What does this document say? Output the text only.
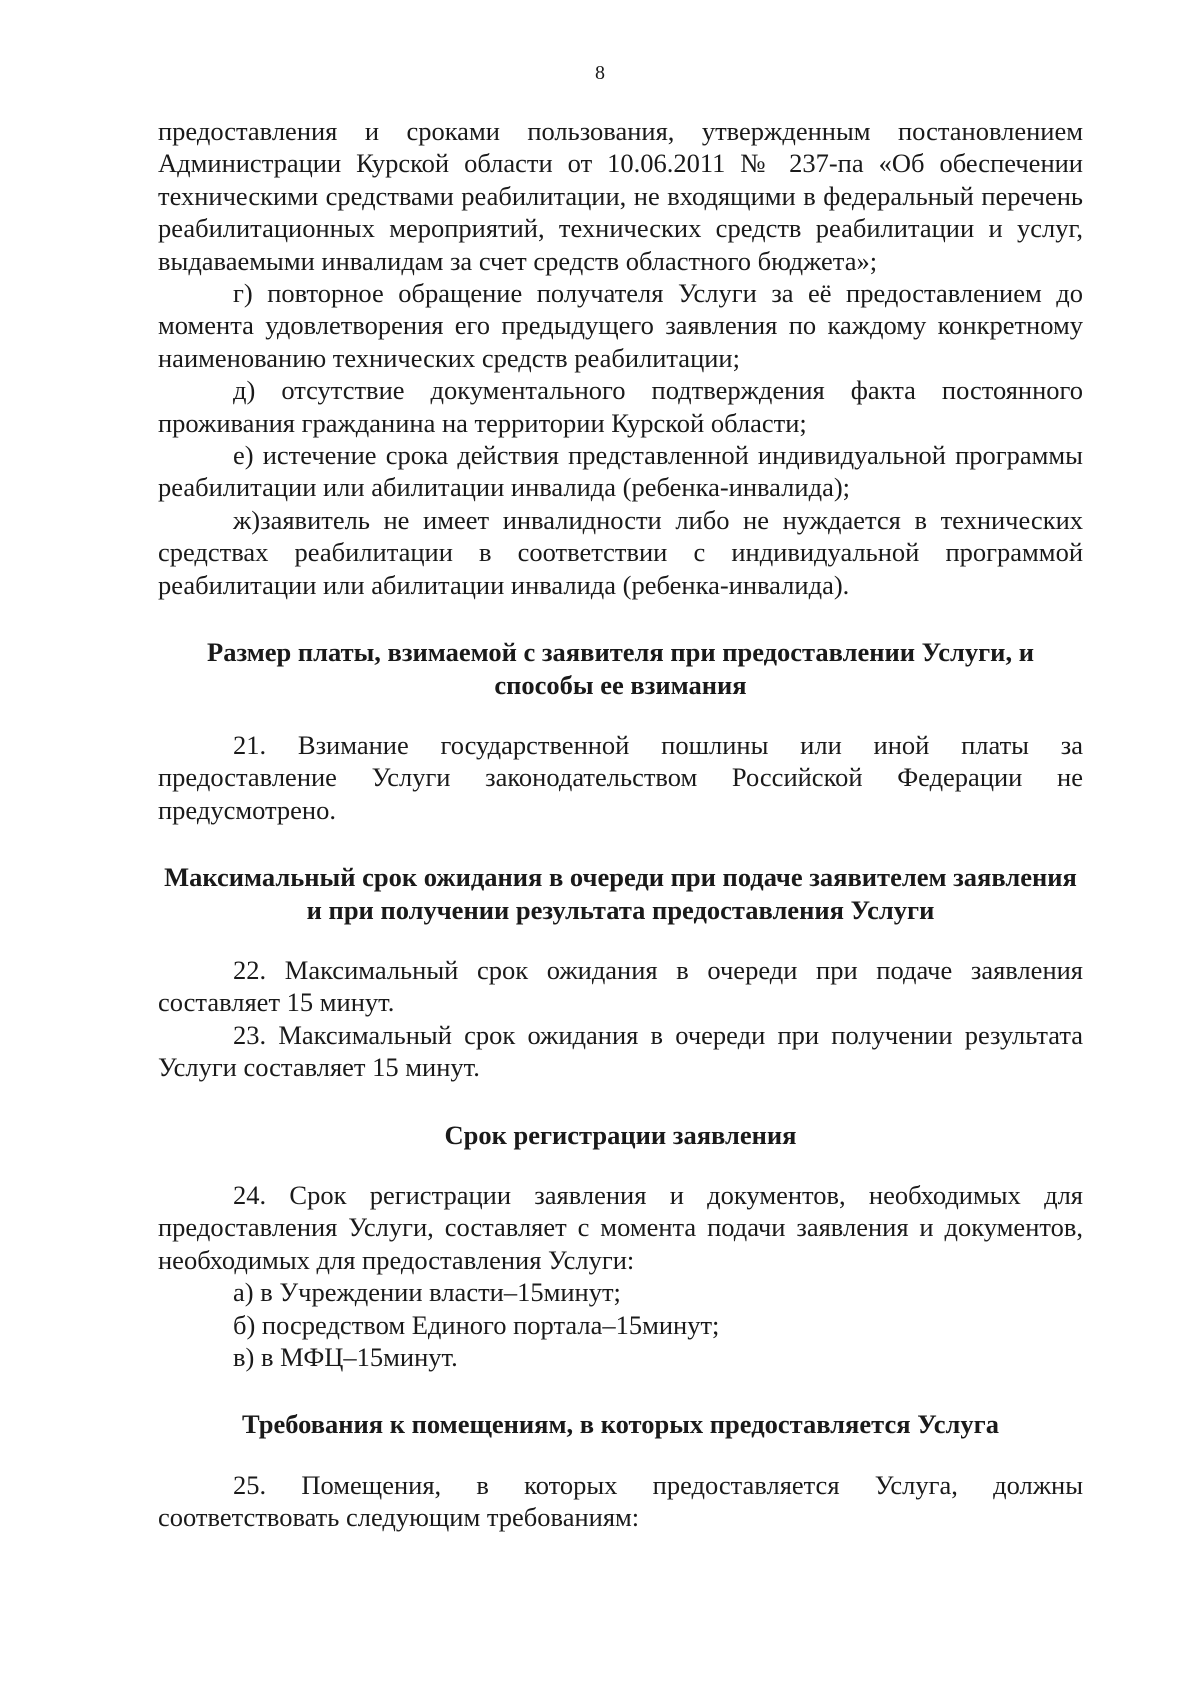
8

предоставления и сроками пользования, утвержденным постановлением Администрации Курской области от 10.06.2011 № 237-па «Об обеспечении техническими средствами реабилитации, не входящими в федеральный перечень реабилитационных мероприятий, технических средств реабилитации и услуг, выдаваемыми инвалидам за счет средств областного бюджета»;

г) повторное обращение получателя Услуги за её предоставлением до момента удовлетворения его предыдущего заявления по каждому конкретному наименованию технических средств реабилитации;

д) отсутствие документального подтверждения факта постоянного проживания гражданина на территории Курской области;

е) истечение срока действия представленной индивидуальной программы реабилитации или абилитации инвалида (ребенка-инвалида);

ж)заявитель не имеет инвалидности либо не нуждается в технических средствах реабилитации в соответствии с индивидуальной программой реабилитации или абилитации инвалида (ребенка-инвалида).

Размер платы, взимаемой с заявителя при предоставлении Услуги, и способы ее взимания

21. Взимание государственной пошлины или иной платы за предоставление Услуги законодательством Российской Федерации не предусмотрено.

Максимальный срок ожидания в очереди при подаче заявителем заявления и при получении результата предоставления Услуги

22. Максимальный срок ожидания в очереди при подаче заявления составляет 15 минут.

23. Максимальный срок ожидания в очереди при получении результата Услуги составляет 15 минут.

Срок регистрации заявления

24. Срок регистрации заявления и документов, необходимых для предоставления Услуги, составляет с момента подачи заявления и документов, необходимых для предоставления Услуги:

а) в Учреждении власти–15минут;

б) посредством Единого портала–15минут;

в) в МФЦ–15минут.

Требования к помещениям, в которых предоставляется Услуга

25. Помещения, в которых предоставляется Услуга, должны соответствовать следующим требованиям:
